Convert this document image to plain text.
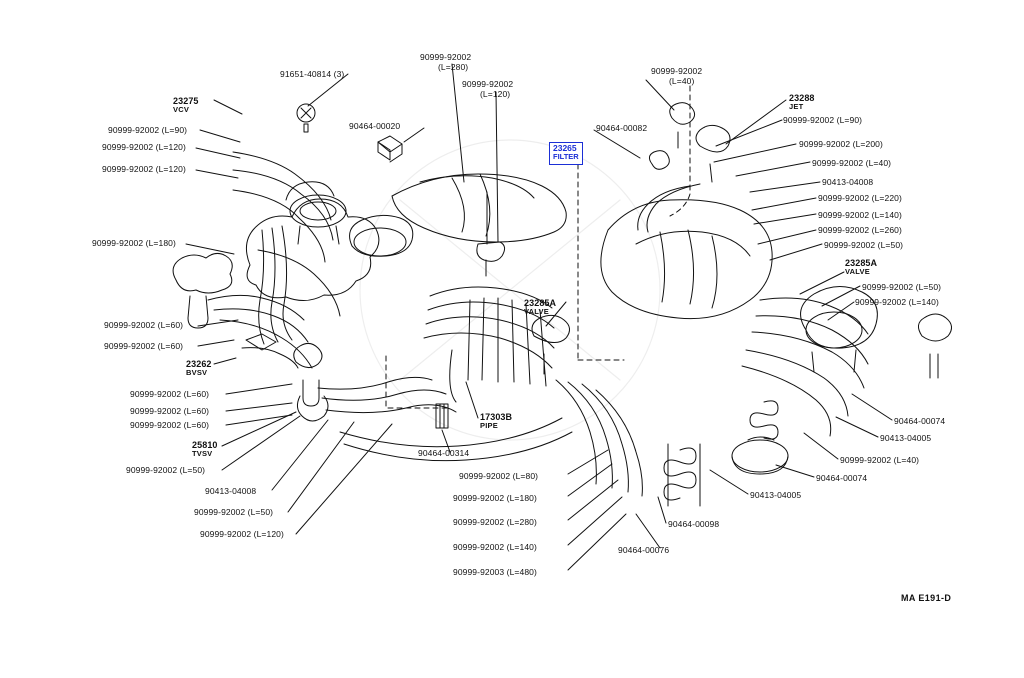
23265
FILTER
23275
VCV
90999-92002 (L=90)
90999-92002 (L=120)
90999-92002 (L=120)
90999-92002 (L=180)
90999-92002 (L=60)
90999-92002 (L=60)
23262
BVSV
90999-92002 (L=60)
90999-92002 (L=60)
90999-92002 (L=60)
25810
TVSV
90999-92002 (L=50)
90413-04008
90999-92002 (L=50)
90999-92002 (L=120)
91651-40814 (3)
90999-92002
(L=280)
90999-92002
(L=120)
90464-00020
90999-92002
(L=40)
23288
JET
90464-00082
90999-92002 (L=90)
90999-92002 (L=200)
90999-92002 (L=40)
90413-04008
90999-92002 (L=220)
90999-92002 (L=140)
90999-92002 (L=260)
90999-92002 (L=50)
23285A
VALVE
90999-92002 (L=50)
90999-92002 (L=140)
90464-00074
90413-04005
90999-92002 (L=40)
90464-00074
23285A
VALVE
17303B
PIPE
90464-00314
90413-04005
90464-00098
90464-00076
90999-92002 (L=80)
90999-92002 (L=180)
90999-92002 (L=280)
90999-92002 (L=140)
90999-92003 (L=480)
MA E191-D
